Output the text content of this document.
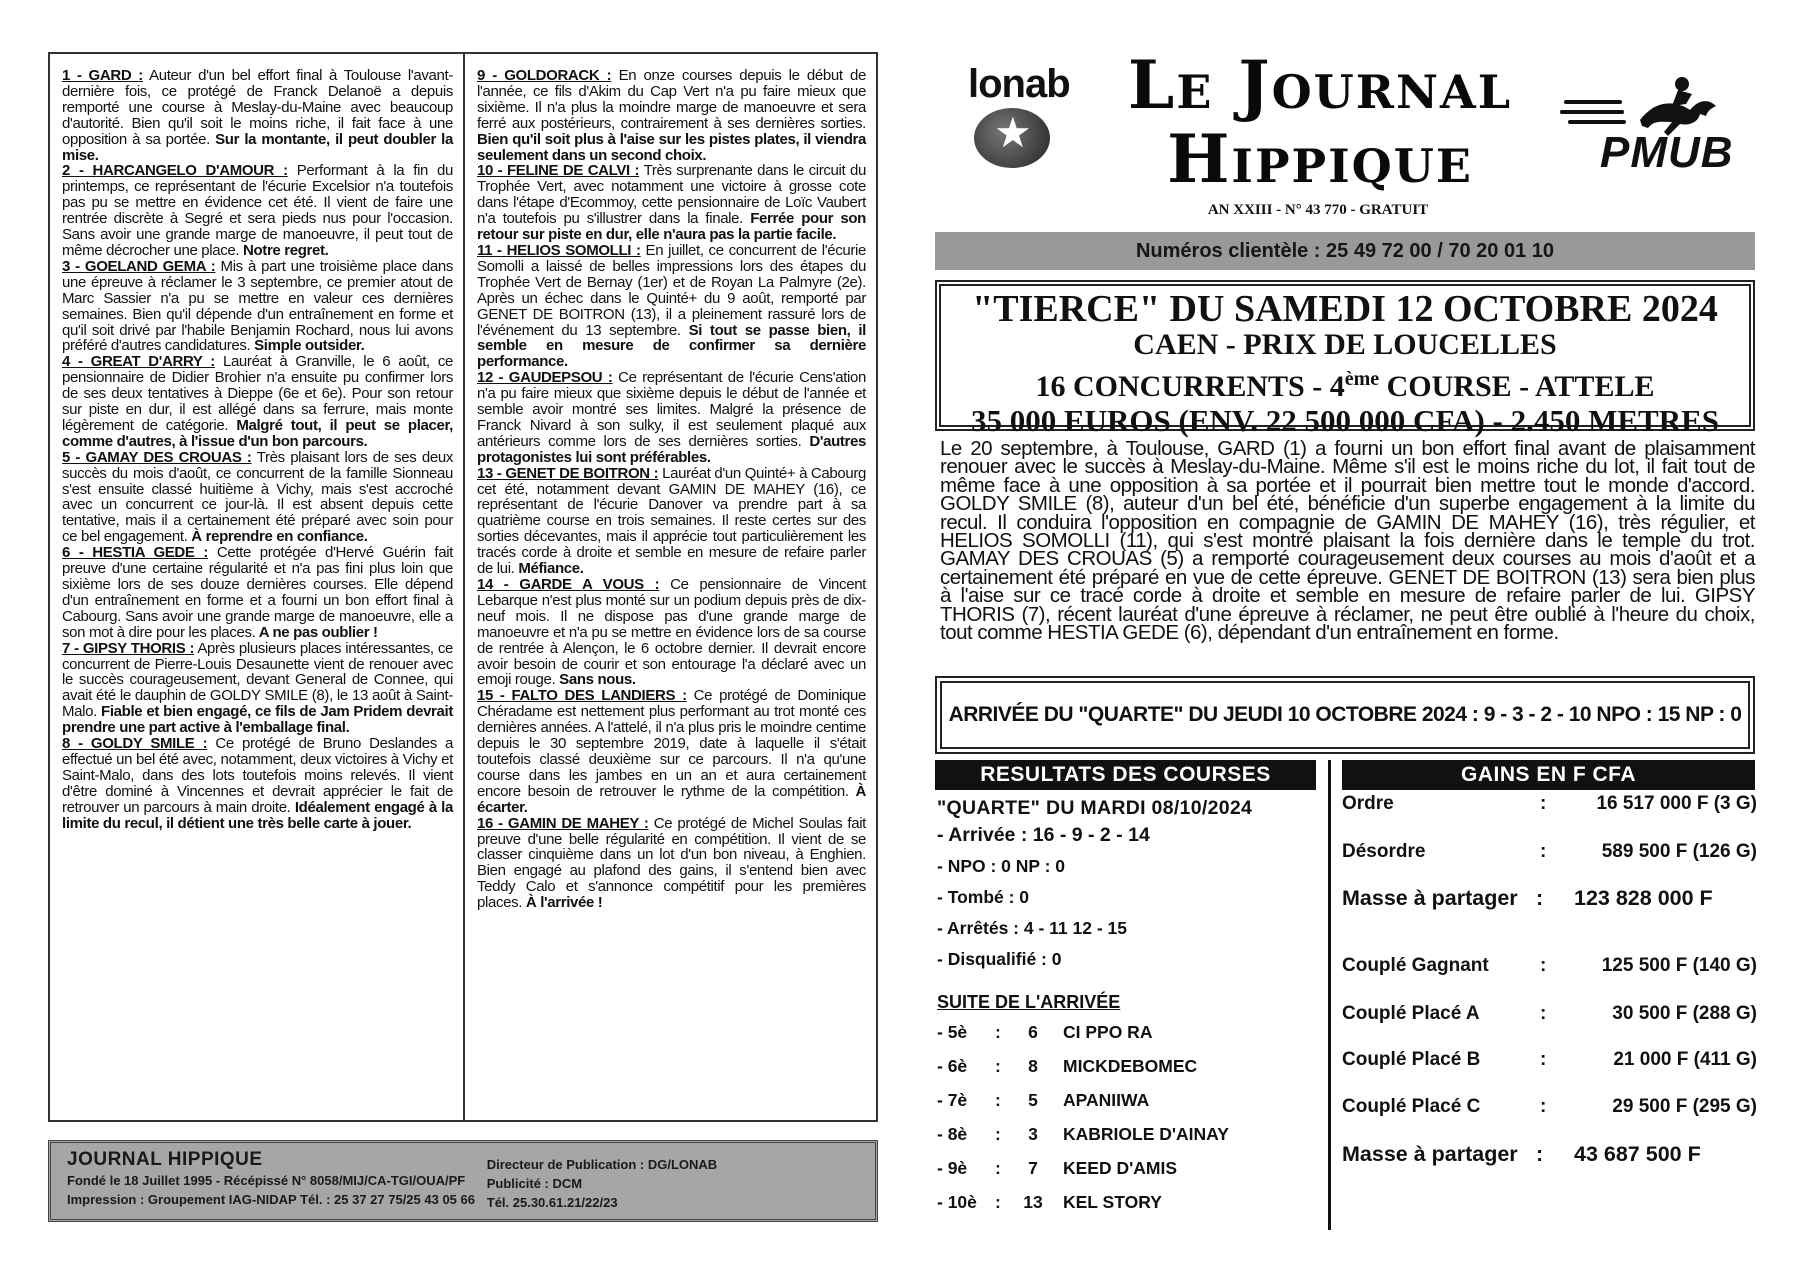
1 - GARD : Auteur d'un bel effort final à Toulouse l'avant-dernière fois, ce protégé de Franck Delanoë a depuis remporté une course à Meslay-du-Maine avec beaucoup d'autorité. Bien qu'il soit le moins riche, il fait face à une opposition à sa portée. Sur la montante, il peut doubler la mise.

2 - HARCANGELO D'AMOUR : Performant à la fin du printemps, ce représentant de l'écurie Excelsior n'a toutefois pas pu se mettre en évidence cet été. Il vient de faire une rentrée discrète à Segré et sera pieds nus pour l'occasion. Sans avoir une grande marge de manoeuvre, il peut tout de même décrocher une place. Notre regret.

3 - GOELAND GEMA : Mis à part une troisième place dans une épreuve à réclamer le 3 septembre, ce premier atout de Marc Sassier n'a pu se mettre en valeur ces dernières semaines. Bien qu'il dépende d'un entraînement en forme et qu'il soit drivé par l'habile Benjamin Rochard, nous lui avons préféré d'autres candidatures. Simple outsider.

4 - GREAT D'ARRY : Lauréat à Granville, le 6 août, ce pensionnaire de Didier Brohier n'a ensuite pu confirmer lors de ses deux tentatives à Dieppe (6e et 6e). Pour son retour sur piste en dur, il est allégé dans sa ferrure, mais monte légèrement de catégorie. Malgré tout, il peut se placer, comme d'autres, à l'issue d'un bon parcours.

5 - GAMAY DES CROUAS : Très plaisant lors de ses deux succès du mois d'août, ce concurrent de la famille Sionneau s'est ensuite classé huitième à Vichy, mais s'est accroché avec un concurrent ce jour-là. Il est absent depuis cette tentative, mais il a certainement été préparé avec soin pour ce bel engagement. À reprendre en confiance.

6 - HESTIA GEDE : Cette protégée d'Hervé Guérin fait preuve d'une certaine régularité et n'a pas fini plus loin que sixième lors de ses douze dernières courses. Elle dépend d'un entraînement en forme et a fourni un bon effort final à Cabourg. Sans avoir une grande marge de manoeuvre, elle a son mot à dire pour les places. A ne pas oublier !

7 - GIPSY THORIS : Après plusieurs places intéressantes, ce concurrent de Pierre-Louis Desaunette vient de renouer avec le succès courageusement, devant General de Connee, qui avait été le dauphin de GOLDY SMILE (8), le 13 août à Saint-Malo. Fiable et bien engagé, ce fils de Jam Pridem devrait prendre une part active à l'emballage final.

8 - GOLDY SMILE : Ce protégé de Bruno Deslandes a effectué un bel été avec, notamment, deux victoires à Vichy et Saint-Malo, dans des lots toutefois moins relevés. Il vient d'être dominé à Vincennes et devrait apprécier le fait de retrouver un parcours à main droite. Idéalement engagé à la limite du recul, il détient une très belle carte à jouer.

9 - GOLDORACK : En onze courses depuis le début de l'année, ce fils d'Akim du Cap Vert n'a pu faire mieux que sixième. Il n'a plus la moindre marge de manoeuvre et sera ferré aux postérieurs, contrairement à ses dernières sorties. Bien qu'il soit plus à l'aise sur les pistes plates, il viendra seulement dans un second choix.

10 - FELINE DE CALVI : Très surprenante dans le circuit du Trophée Vert, avec notamment une victoire à grosse cote dans l'étape d'Ecommoy, cette pensionnaire de Loïc Vaubert n'a toutefois pu s'illustrer dans la finale. Ferrée pour son retour sur piste en dur, elle n'aura pas la partie facile.

11 - HELIOS SOMOLLI : En juillet, ce concurrent de l'écurie Somolli a laissé de belles impressions lors des étapes du Trophée Vert de Bernay (1er) et de Royan La Palmyre (2e). Après un échec dans le Quinté+ du 9 août, remporté par GENET DE BOITRON (13), il a pleinement rassuré lors de l'événement du 13 septembre. Si tout se passe bien, il semble en mesure de confirmer sa dernière performance.

12 - GAUDEPSOU : Ce représentant de l'écurie Cens'ation n'a pu faire mieux que sixième depuis le début de l'année et semble avoir montré ses limites. Malgré la présence de Franck Nivard à son sulky, il est seulement plaqué aux antérieurs comme lors de ses dernières sorties. D'autres protagonistes lui sont préférables.

13 - GENET DE BOITRON : Lauréat d'un Quinté+ à Cabourg cet été, notamment devant GAMIN DE MAHEY (16), ce représentant de l'écurie Danover va prendre part à sa quatrième course en trois semaines. Il reste certes sur des sorties décevantes, mais il apprécie tout particulièrement les tracés corde à droite et semble en mesure de refaire parler de lui. Méfiance.

14 - GARDE A VOUS : Ce pensionnaire de Vincent Lebarque n'est plus monté sur un podium depuis près de dix-neuf mois. Il ne dispose pas d'une grande marge de manoeuvre et n'a pu se mettre en évidence lors de sa course de rentrée à Alençon, le 6 octobre dernier. Il devrait encore avoir besoin de courir et son entourage l'a déclaré avec un emoji rouge. Sans nous.

15 - FALTO DES LANDIERS : Ce protégé de Dominique Chéradame est nettement plus performant au trot monté ces dernières années. A l'attelé, il n'a plus pris le moindre centime depuis le 30 septembre 2019, date à laquelle il s'était toutefois classé deuxième sur ce parcours. Il n'a qu'une course dans les jambes en un an et aura certainement encore besoin de retrouver le rythme de la compétition. À écarter.

16 - GAMIN DE MAHEY : Ce protégé de Michel Soulas fait preuve d'une belle régularité en compétition. Il vient de se classer cinquième dans un lot d'un bon niveau, à Enghien. Bien engagé au plafond des gains, il s'entend bien avec Teddy Calo et s'annonce compétitif pour les premières places. À l'arrivée !

JOURNAL HIPPIQUE
Fondé le 18 Juillet 1995 - Récépissé N° 8058/MIJ/CA-TGI/OUA/PF
Impression : Groupement IAG-NIDAP Tél. : 25 37 27 75/25 43 05 66
Directeur de Publication : DG/LONAB
Publicité : DCM
Tél. 25.30.61.21/22/23
★
lonab Le Journal
Hippique
AN XXIII - N° 43 770 - GRATUIT
PMUB
Numéros clientèle : 25 49 72 00 / 70 20 01 10
"TIERCE" DU SAMEDI 12 OCTOBRE 2024
CAEN - PRIX DE LOUCELLES
16 CONCURRENTS - 4ème COURSE - ATTELE
35 000 EUROS (ENV. 22 500 000 CFA) - 2.450 METRES
Le 20 septembre, à Toulouse, GARD (1) a fourni un bon effort final avant de plaisamment renouer avec le succès à Meslay-du-Maine. Même s'il est le moins riche du lot, il fait tout de même face à une opposition à sa portée et il pourrait bien mettre tout le monde d'accord. GOLDY SMILE (8), auteur d'un bel été, bénéficie d'un superbe engagement à la limite du recul. Il conduira l'opposition en compagnie de GAMIN DE MAHEY (16), très régulier, et HELIOS SOMOLLI (11), qui s'est montré plaisant la fois dernière dans le temple du trot. GAMAY DES CROUAS (5) a remporté courageusement deux courses au mois d'août et a certainement été préparé en vue de cette épreuve. GENET DE BOITRON (13) sera bien plus à l'aise sur ce tracé corde à droite et semble en mesure de refaire parler de lui. GIPSY THORIS (7), récent lauréat d'une épreuve à réclamer, ne peut être oublié à l'heure du choix, tout comme HESTIA GEDE (6), dépendant d'un entraînement en forme.
ARRIVÉE DU "QUARTE" DU JEUDI 10 OCTOBRE 2024 : 9 - 3 - 2 - 10 NPO : 15 NP : 0
RESULTATS DES COURSES	GAINS EN F CFA
"QUARTE" DU MARDI 08/10/2024
- Arrivée : 16 - 9 - 2 - 14
- NPO : 0 NP : 0
- Tombé : 0
- Arrêtés : 4 - 11 12 - 15
- Disqualifié : 0
SUITE DE L'ARRIVÉE
- 5è	:	6	CI PPO RA
- 6è	:	8	MICKDEBOMEC
- 7è	:	5	APANIIWA
- 8è	:	3	KABRIOLE D'AINAY
- 9è	:	7	KEED D'AMIS
- 10è	:	13	KEL STORY
Ordre	:	16 517 000 F (3 G)
Désordre	:	589 500 F (126 G)
Masse à partager : 123 828 000 F
Couplé Gagnant	:	125 500 F (140 G)
Couplé Placé A	:	30 500 F (288 G)
Couplé Placé B	:	21 000 F (411 G)
Couplé Placé C	:	29 500 F (295 G)
Masse à partager : 43 687 500 F
